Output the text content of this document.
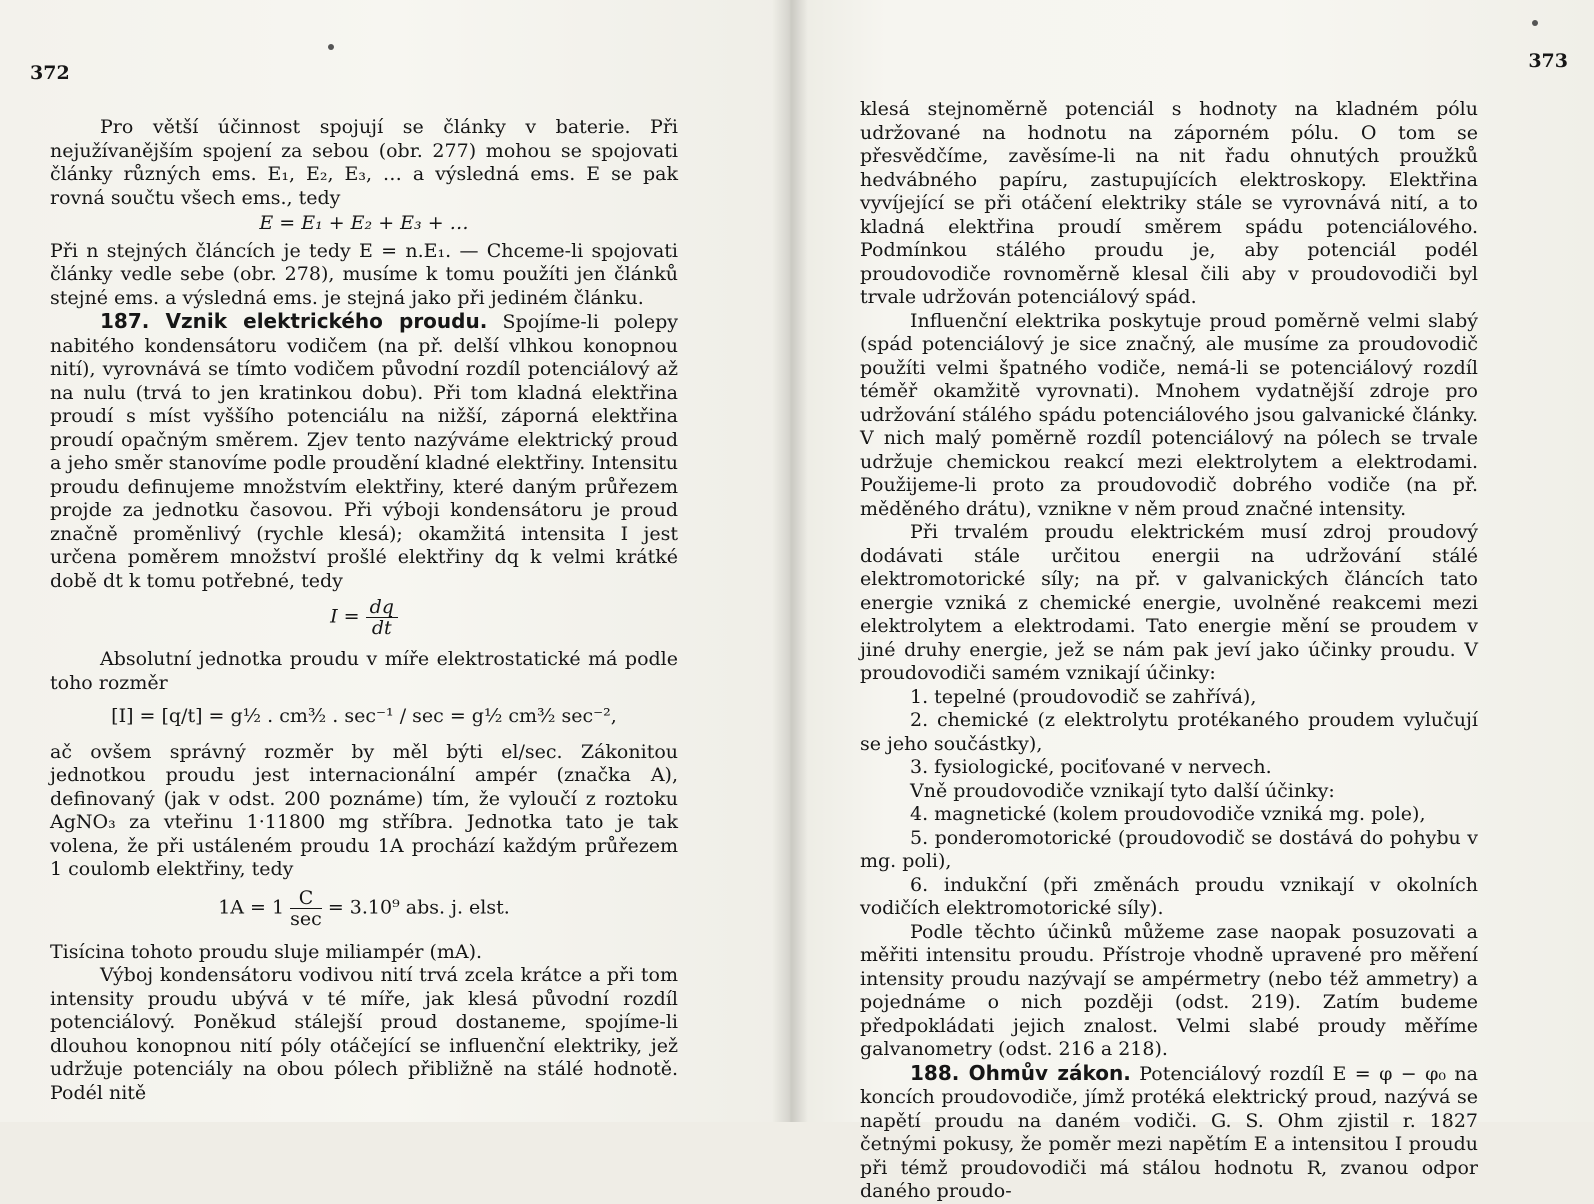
372

Pro větší účinnost spojují se články v baterie. Při nejužívanějším spojení za sebou (obr. 277) mohou se spojovati články různých ems. E₁, E₂, E₃, … a výsledná ems. E se pak rovná součtu všech ems., tedy

E = E₁ + E₂ + E₃ + …

Při n stejných článcích je tedy E = n.E₁. — Chceme-li spojovati články vedle sebe (obr. 278), musíme k tomu použíti jen článků stejné ems. a výsledná ems. je stejná jako při jediném článku.

187. Vznik elektrického proudu. Spojíme-li polepy nabitého kondensátoru vodičem (na př. delší vlhkou konopnou nití), vyrovnává se tímto vodičem původní rozdíl potenciálový až na nulu (trvá to jen kratinkou dobu). Při tom kladná elektřina proudí s míst vyššího potenciálu na nižší, záporná elektřina proudí opačným směrem. Zjev tento nazýváme elektrický proud a jeho směr stanovíme podle proudění kladné elektřiny. Intensitu proudu definujeme množstvím elektřiny, které daným průřezem projde za jednotku časovou. Při výboji kondensátoru je proud značně proměnlivý (rychle klesá); okamžitá intensita I jest určena poměrem množství prošlé elektřiny dq k velmi krátké době dt k tomu potřebné, tedy

$I = \frac{dq}{dt}$

Absolutní jednotka proudu v míře elektrostatické má podle toho rozměr

[I] = [q/t] = g½ . cm³⁄₂ . sec⁻¹ / sec = g½ cm³⁄₂ sec⁻²,

ač ovšem správný rozměr by měl býti el/sec. Zákonitou jednotkou proudu jest internacionální ampér (značka A), definovaný (jak v odst. 200 poznáme) tím, že vyloučí z roztoku AgNO₃ za vteřinu 1·11800 mg stříbra. Jednotka tato je tak volena, že při ustáleném proudu 1A prochází každým průřezem 1 coulomb elektřiny, tedy

$1A = 1 \frac{C}{\sec} = 3.10^9$ abs. j. elst.

Tisícina tohoto proudu sluje miliampér (mA).

Výboj kondensátoru vodivou nití trvá zcela krátce a při tom intensity proudu ubývá v té míře, jak klesá původní rozdíl potenciálový. Poněkud stálejší proud dostaneme, spojíme-li dlouhou konopnou nití póly otáčející se influenční elektriky, jež udržuje potenciály na obou pólech přibližně na stálé hodnotě. Podél nitě

373

klesá stejnoměrně potenciál s hodnoty na kladném pólu udržované na hodnotu na záporném pólu. O tom se přesvědčíme, zavěsíme-li na nit řadu ohnutých proužků hedvábného papíru, zastupujících elektroskopy. Elektřina vyvíjející se při otáčení elektriky stále se vyrovnává nití, a to kladná elektřina proudí směrem spádu potenciálového. Podmínkou stálého proudu je, aby potenciál podél proudovodiče rovnoměrně klesal čili aby v proudovodiči byl trvale udržován potenciálový spád.

Influenční elektrika poskytuje proud poměrně velmi slabý (spád potenciálový je sice značný, ale musíme za proudovodič použíti velmi špatného vodiče, nemá-li se potenciálový rozdíl téměř okamžitě vyrovnati). Mnohem vydatnější zdroje pro udržování stálého spádu potenciálového jsou galvanické články. V nich malý poměrně rozdíl potenciálový na pólech se trvale udržuje chemickou reakcí mezi elektrolytem a elektrodami. Použijeme-li proto za proudovodič dobrého vodiče (na př. měděného drátu), vznikne v něm proud značné intensity.

Při trvalém proudu elektrickém musí zdroj proudový dodávati stále určitou energii na udržování stálé elektromotorické síly; na př. v galvanických článcích tato energie vzniká z chemické energie, uvolněné reakcemi mezi elektrolytem a elektrodami. Tato energie mění se proudem v jiné druhy energie, jež se nám pak jeví jako účinky proudu. V proudovodiči samém vznikají účinky:

1. tepelné (proudovodič se zahřívá),

2. chemické (z elektrolytu protékaného proudem vylučují se jeho součástky),

3. fysiologické, pociťované v nervech.

Vně proudovodiče vznikají tyto další účinky:

4. magnetické (kolem proudovodiče vzniká mg. pole),

5. ponderomotorické (proudovodič se dostává do pohybu v mg. poli),

6. indukční (při změnách proudu vznikají v okolních vodičích elektromotorické síly).

Podle těchto účinků můžeme zase naopak posuzovati a měřiti intensitu proudu. Přístroje vhodně upravené pro měření intensity proudu nazývají se ampérmetry (nebo též ammetry) a pojednáme o nich později (odst. 219). Zatím budeme předpokládati jejich znalost. Velmi slabé proudy měříme galvanometry (odst. 216 a 218).

188. Ohmův zákon. Potenciálový rozdíl E = φ − φ₀ na koncích proudovodiče, jímž protéká elektrický proud, nazývá se napětí proudu na daném vodiči. G. S. Ohm zjistil r. 1827 četnými pokusy, že poměr mezi napětím E a intensitou I proudu při témž proudovodiči má stálou hodnotu R, zvanou odpor daného proudo-
